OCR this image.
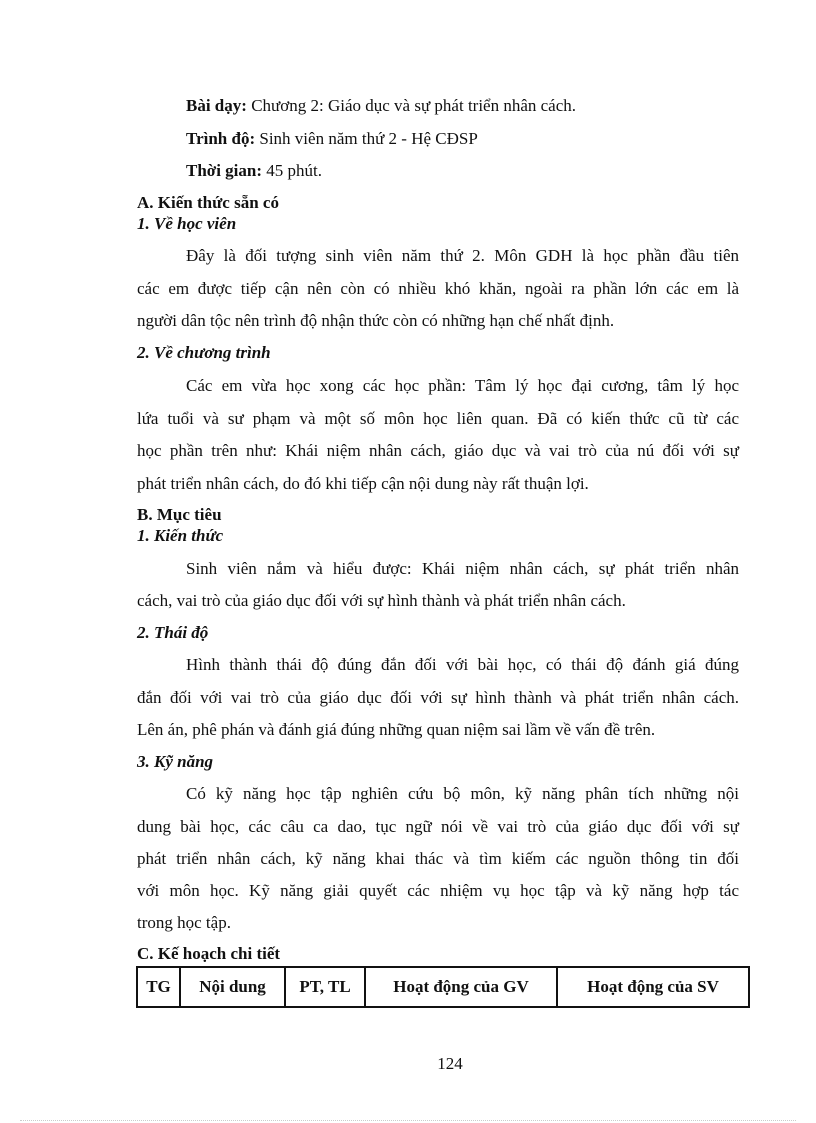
Bài dạy: Chương 2: Giáo dục và sự phát triển nhân cách.

Trình độ: Sinh viên năm thứ 2 - Hệ CĐSP

Thời gian: 45 phút.

A. Kiến thức sẵn có

1. Về học viên

Đây là đối tượng sinh viên năm thứ 2. Môn GDH là học phần đầu tiên

các em được tiếp cận nên còn có nhiều khó khăn, ngoài ra phần lớn các em là

người dân tộc nên trình độ nhận thức còn có những hạn chế nhất định.

2. Về chương trình

Các em vừa học xong các học phần: Tâm lý học đại cương, tâm lý học

lứa tuổi và sư phạm và một số môn học liên quan. Đã có kiến thức cũ từ các

học phần trên như: Khái niệm nhân cách, giáo dục và vai trò của nú đối với sự

phát triển nhân cách, do đó khi tiếp cận nội dung này rất thuận lợi.

B. Mục tiêu

1. Kiến thức

Sinh viên nắm và hiểu được: Khái niệm nhân cách, sự phát triển nhân

cách, vai trò của giáo dục đối với sự hình thành và phát triển nhân cách.

2. Thái độ

Hình thành thái độ đúng đắn đối với bài học, có thái độ đánh giá đúng

đắn đối với vai trò của giáo dục đối với sự hình thành và phát triển nhân cách.

Lên án, phê phán và đánh giá đúng những quan niệm sai lầm về vấn đề trên.

3. Kỹ năng

Có kỹ năng học tập nghiên cứu bộ môn, kỹ năng phân tích những nội

dung bài học, các câu ca dao, tục ngữ nói về vai trò của giáo dục đối với sự

phát triển nhân cách, kỹ năng khai thác và tìm kiếm các nguồn thông tin đối

với môn học. Kỹ năng giải quyết các nhiệm vụ học tập và kỹ năng hợp tác

trong học tập.

C. Kế hoạch chi tiết

TG	Nội dung	PT, TL	Hoạt động của GV	Hoạt động của SV

124
